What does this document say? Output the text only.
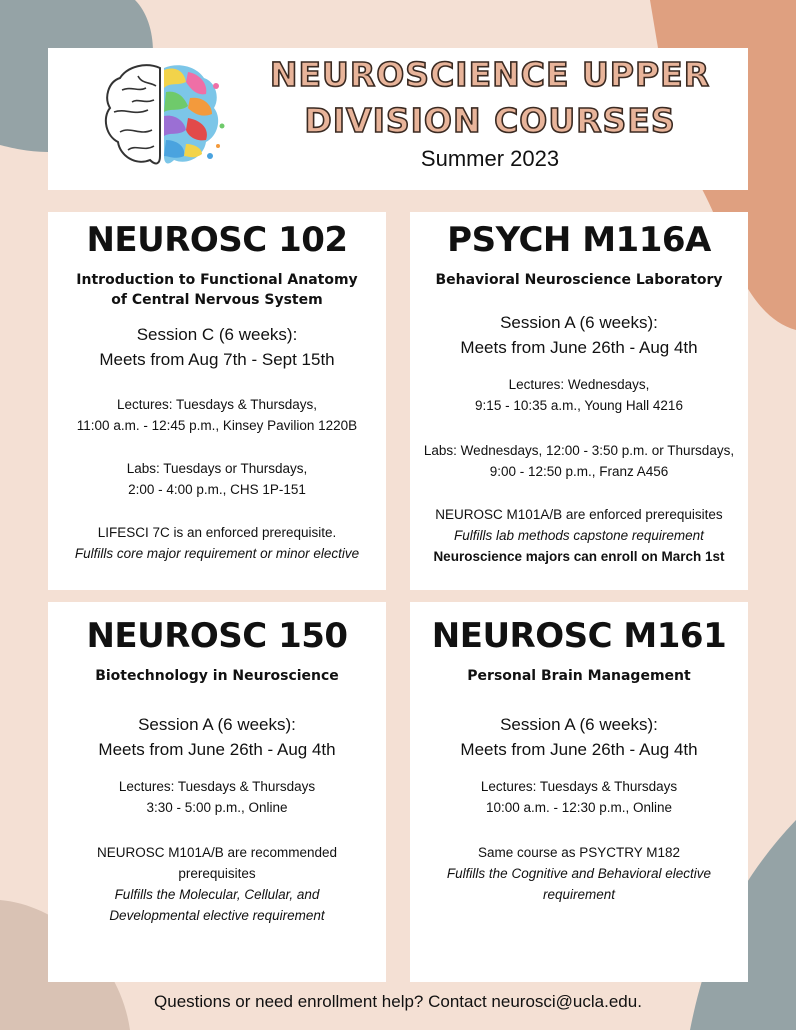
NEUROSCIENCE UPPER
DIVISION COURSES
Summer 2023
NEUROSC 102
Introduction to Functional Anatomy
of Central Nervous System
Session C (6 weeks):
Meets from Aug 7th - Sept 15th
Lectures: Tuesdays & Thursdays,
11:00 a.m. - 12:45 p.m., Kinsey Pavilion 1220B
Labs: Tuesdays or Thursdays,
2:00 - 4:00 p.m., CHS 1P-151
LIFESCI 7C is an enforced prerequisite.
Fulfills core major requirement or minor elective
PSYCH M116A
Behavioral Neuroscience Laboratory
Session A (6 weeks):
Meets from June 26th - Aug 4th
Lectures: Wednesdays,
9:15 - 10:35 a.m., Young Hall 4216
Labs: Wednesdays, 12:00 - 3:50 p.m. or Thursdays,
9:00 - 12:50 p.m., Franz A456
NEUROSC M101A/B are enforced prerequisites
Fulfills lab methods capstone requirement
Neuroscience majors can enroll on March 1st
NEUROSC 150
Biotechnology in Neuroscience
Session A (6 weeks):
Meets from June 26th - Aug 4th
Lectures: Tuesdays & Thursdays
3:30 - 5:00 p.m., Online
NEUROSC M101A/B are recommended
prerequisites
Fulfills the Molecular, Cellular, and
Developmental elective requirement
NEUROSC M161
Personal Brain Management
Session A (6 weeks):
Meets from June 26th - Aug 4th
Lectures: Tuesdays & Thursdays
10:00 a.m. - 12:30 p.m., Online
Same course as PSYCTRY M182
Fulfills the Cognitive and Behavioral elective
requirement
Questions or need enrollment help? Contact neurosci@ucla.edu.
